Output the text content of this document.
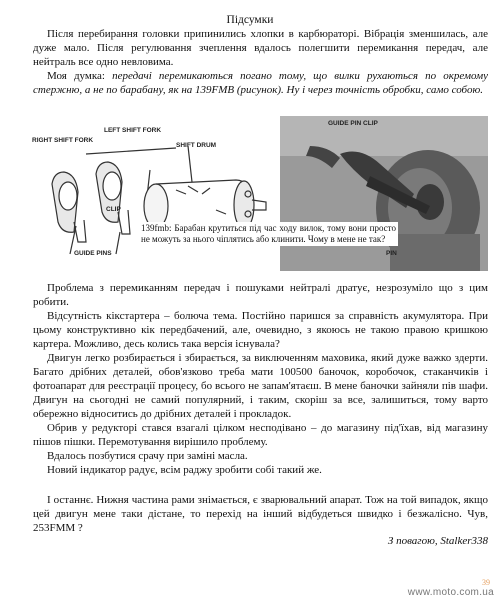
Підсумки

Після перебирання головки припинились хлопки в карбюраторі. Вібрація зменшилась, але дуже мало. Після регулювання зчеплення вдалось полегшити перемикання передач, але нейтраль все одно невловима.

Моя думка: передачі перемикаються погано тому, що вилки рухаються по окремому стержню, а не по барабану, як на 139FMB (рисунок). Ну і через точність обробки, само собою.

RIGHT SHIFT FORK
LEFT SHIFT FORK
SHIFT DRUM
CLIP
GUIDE PINS
GUIDE PIN CLIP
PIN
139fmb: Барабан крутиться під час ходу вилок, тому вони просто не можуть за нього чіплятись або клинити. Чому в мене не так?

Проблема з перемиканням передач і пошуками нейтралі дратує, незрозуміло що з цим робити.

Відсутність кікстартера – болюча тема. Постійно паришся за справність акумулятора. При цьому конструктивно кік передбачений, але, очевидно, з якоюсь не такою правою кришкою картера. Можливо, десь колись така версія існувала?

Двигун легко розбирається і збирається, за виключенням маховика, який дуже важко здерти. Багато дрібних деталей, обов'язково треба мати 100500 баночок, коробочок, стаканчиків і фотоапарат для реєстрації процесу, бо всього не запам'ятаєш. В мене баночки зайняли пів шафи. Двигун на сьогодні не самий популярний, і таким, скоріш за все, залишиться, тому варто обережно відноситись до дрібних деталей і прокладок.

Обрив у редукторі стався взагалі цілком несподівано – до магазину під'їхав, від магазину пішов пішки. Перемотування вирішило проблему.

Вдалось позбутися срачу при заміні масла.

Новий індикатор радує, всім раджу зробити собі такий же.

І останнє. Нижня частина рами знімається, є зварювальний апарат. Тож на той випадок, якщо цей двигун мене таки дістане, то перехід на інший відбудеться швидко і безжалісно. Чув, 253FMM ?

З повагою, Stalker338
39
www.moto.com.ua
